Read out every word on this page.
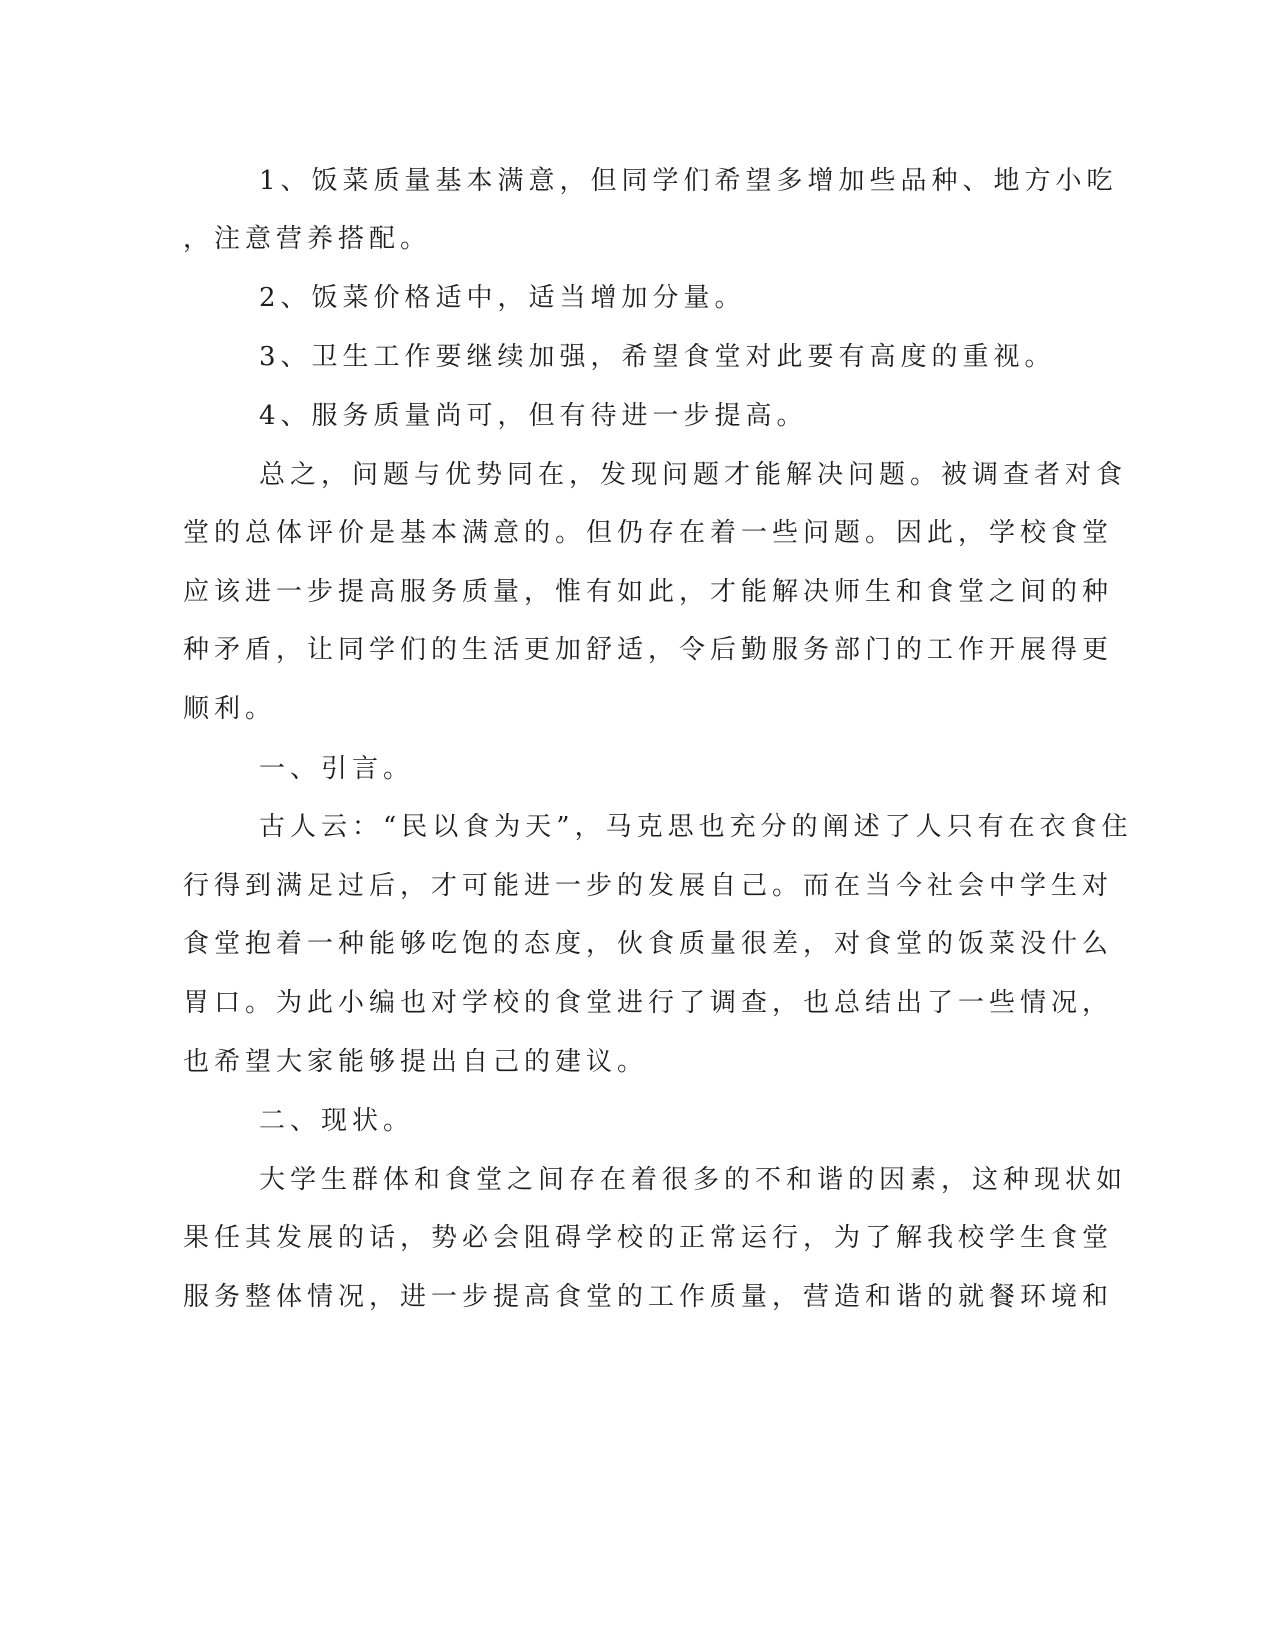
1、饭菜质量基本满意，但同学们希望多增加些品种、地方小吃

，注意营养搭配。

2、饭菜价格适中，适当增加分量。

3、卫生工作要继续加强，希望食堂对此要有高度的重视。

4、服务质量尚可，但有待进一步提高。

总之，问题与优势同在，发现问题才能解决问题。被调查者对食

堂的总体评价是基本满意的。但仍存在着一些问题。因此，学校食堂

应该进一步提高服务质量，惟有如此，才能解决师生和食堂之间的种

种矛盾，让同学们的生活更加舒适，令后勤服务部门的工作开展得更

顺利。

一、引言。

古人云：“民以食为天”，马克思也充分的阐述了人只有在衣食住

行得到满足过后，才可能进一步的发展自己。而在当今社会中学生对

食堂抱着一种能够吃饱的态度，伙食质量很差，对食堂的饭菜没什么

胃口。为此小编也对学校的食堂进行了调查，也总结出了一些情况，

也希望大家能够提出自己的建议。

二、现状。

大学生群体和食堂之间存在着很多的不和谐的因素，这种现状如

果任其发展的话，势必会阻碍学校的正常运行，为了解我校学生食堂

服务整体情况，进一步提高食堂的工作质量，营造和谐的就餐环境和
